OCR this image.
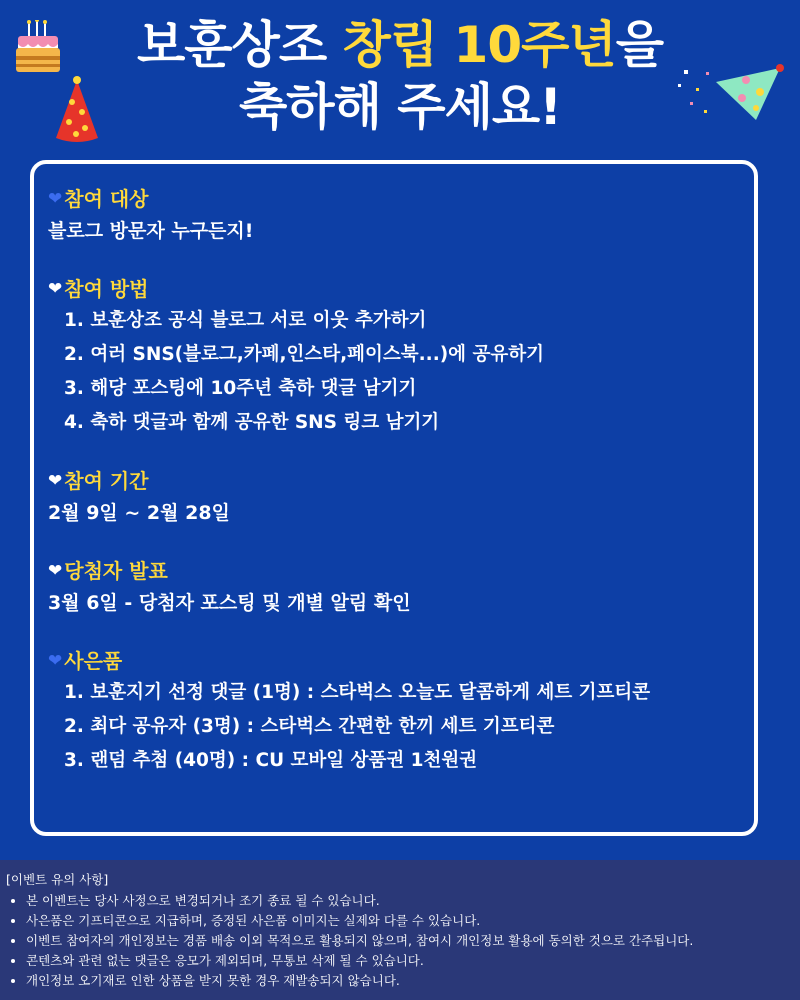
보훈상조 창립 10주년을
축하해 주세요!
❤ 참여 대상
블로그 방문자 누구든지!
❤ 참여 방법
1. 보훈상조 공식 블로그 서로 이웃 추가하기
2. 여러 SNS(블로그,카페,인스타,페이스북...)에 공유하기
3. 해당 포스팅에 10주년 축하 댓글 남기기
4. 축하 댓글과 함께 공유한 SNS 링크 남기기
❤ 참여 기간
2월 9일 ~ 2월 28일
❤ 당첨자 발표
3월 6일 - 당첨자 포스팅 및 개별 알림 확인
❤ 사은품
1. 보훈지기 선정 댓글 (1명) : 스타벅스 오늘도 달콤하게 세트 기프티콘
2. 최다 공유자 (3명) : 스타벅스 간편한 한끼 세트 기프티콘
3. 랜덤 추첨 (40명) : CU 모바일 상품권 1천원권
[이벤트 유의 사항]
• 본 이벤트는 당사 사정으로 변경되거나 조기 종료 될 수 있습니다.
• 사은품은 기프티콘으로 지급하며, 증정된 사은품 이미지는 실제와 다를 수 있습니다.
• 이벤트 참여자의 개인정보는 경품 배송 이외 목적으로 활용되지 않으며, 참여시 개인정보 활용에 동의한 것으로 간주됩니다.
• 콘텐츠와 관련 없는 댓글은 응모가 제외되며, 무통보 삭제 될 수 있습니다.
• 개인정보 오기재로 인한 상품을 받지 못한 경우 재발송되지 않습니다.
